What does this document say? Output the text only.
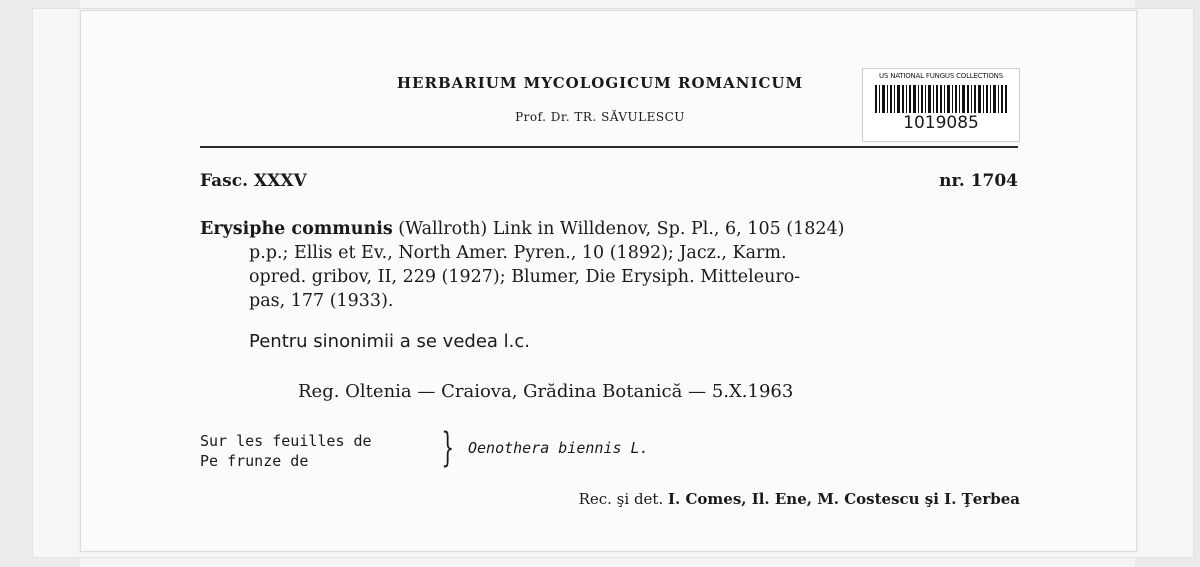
HERBARIUM MYCOLOGICUM ROMANICUM
Prof. Dr. TR. SĂVULESCU
US NATIONAL FUNGUS COLLECTIONS
1019085
Fasc. XXXV	nr. 1704
Erysiphe communis (Wallroth) Link in Willdenov, Sp. Pl., 6, 105 (1824)
p.p.; Ellis et Ev., North Amer. Pyren., 10 (1892); Jacz., Karm.
opred. gribov, II, 229 (1927); Blumer, Die Erysiph. Mitteleuro-
pas, 177 (1933).
Pentru sinonimii a se vedea l.c.
Reg. Oltenia — Craiova, Grădina Botanică — 5.X.1963
Sur les feuilles de
Pe frunze de	} Oenothera biennis L.
Rec. şi det. I. Comes, Il. Ene, M. Costescu şi I. Ţerbea
